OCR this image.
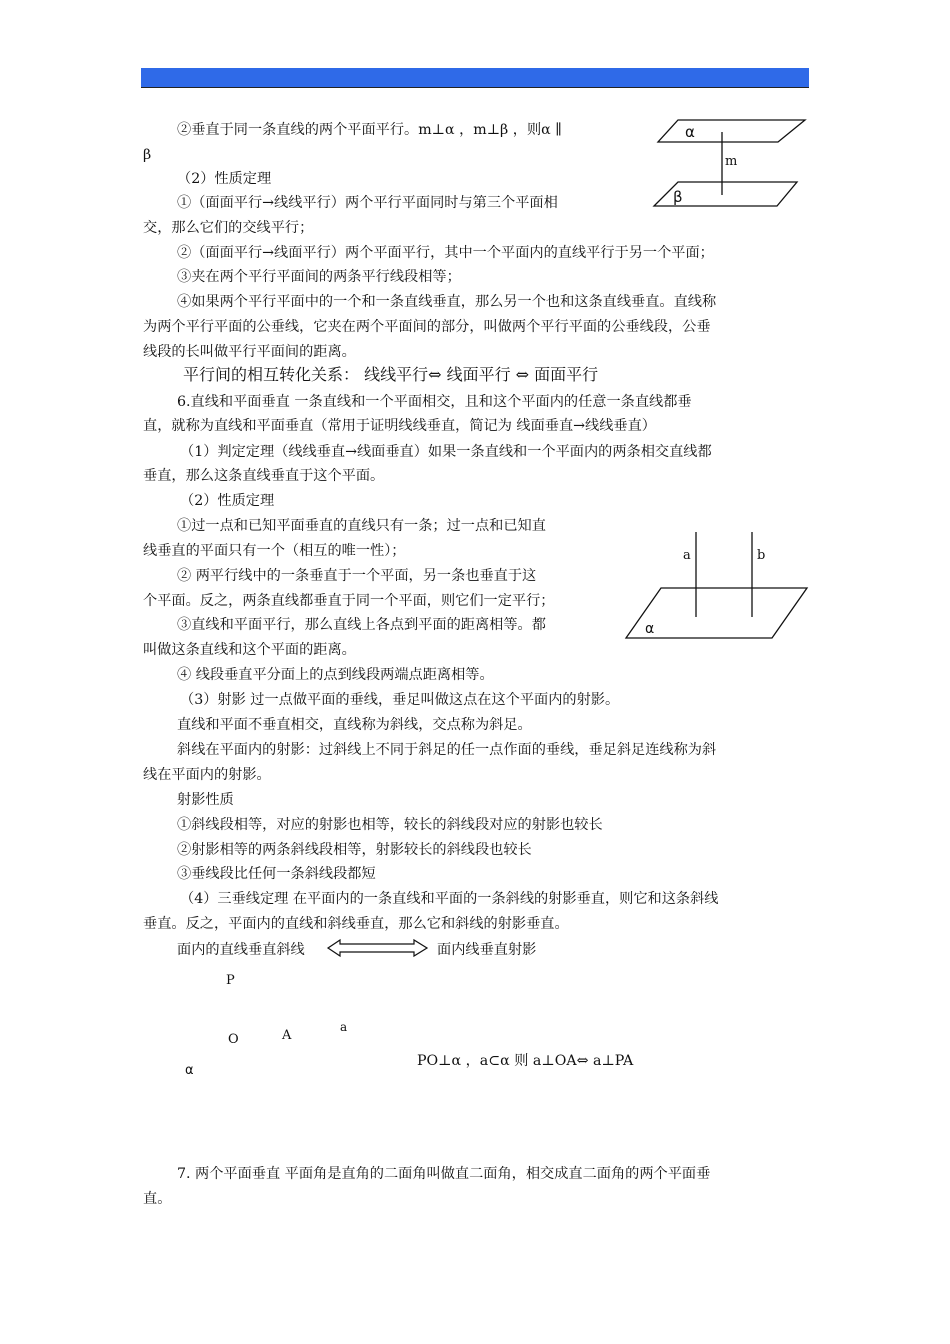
②垂直于同一条直线的两个平面平行。m⊥α ，m⊥β ，则α ∥
β
（2）性质定理
①（面面平行→线线平行）两个平行平面同时与第三个平面相
交，那么它们的交线平行；
②（面面平行→线面平行）两个平面平行，其中一个平面内的直线平行于另一个平面；
③夹在两个平行平面间的两条平行线段相等；
④如果两个平行平面中的一个和一条直线垂直，那么另一个也和这条直线垂直。直线称
为两个平行平面的公垂线，它夹在两个平面间的部分，叫做两个平行平面的公垂线段，公垂
线段的长叫做平行平面间的距离。
平行间的相互转化关系： 线线平行⇔ 线面平行 ⇔ 面面平行
6.直线和平面垂直 一条直线和一个平面相交，且和这个平面内的任意一条直线都垂
直，就称为直线和平面垂直（常用于证明线线垂直，简记为 线面垂直→线线垂直）
（1）判定定理（线线垂直→线面垂直）如果一条直线和一个平面内的两条相交直线都
垂直，那么这条直线垂直于这个平面。
（2）性质定理
①过一点和已知平面垂直的直线只有一条；过一点和已知直
线垂直的平面只有一个（相互的唯一性）；
② 两平行线中的一条垂直于一个平面，另一条也垂直于这
个平面。反之，两条直线都垂直于同一个平面，则它们一定平行；
③直线和平面平行，那么直线上各点到平面的距离相等。都
叫做这条直线和这个平面的距离。
④ 线段垂直平分面上的点到线段两端点距离相等。
（3）射影 过一点做平面的垂线，垂足叫做这点在这个平面内的射影。
直线和平面不垂直相交，直线称为斜线，交点称为斜足。
斜线在平面内的射影：过斜线上不同于斜足的任一点作面的垂线，垂足斜足连线称为斜
线在平面内的射影。
射影性质
①斜线段相等，对应的射影也相等，较长的斜线段对应的射影也较长
②射影相等的两条斜线段相等，射影较长的斜线段也较长
③垂线段比任何一条斜线段都短
（4）三垂线定理 在平面内的一条直线和平面的一条斜线的射影垂直，则它和这条斜线
垂直。反之，平面内的直线和斜线垂直，那么它和斜线的射影垂直。
面内的直线垂直斜线	面内线垂直射影
7. 两个平面垂直 平面角是直角的二面角叫做直二面角，相交成直二面角的两个平面垂
直。
α
m
β
a	b
α
P
O	A
a
α
PO⊥α ，a⊂α 则 a⊥OA⇔ a⊥PA
